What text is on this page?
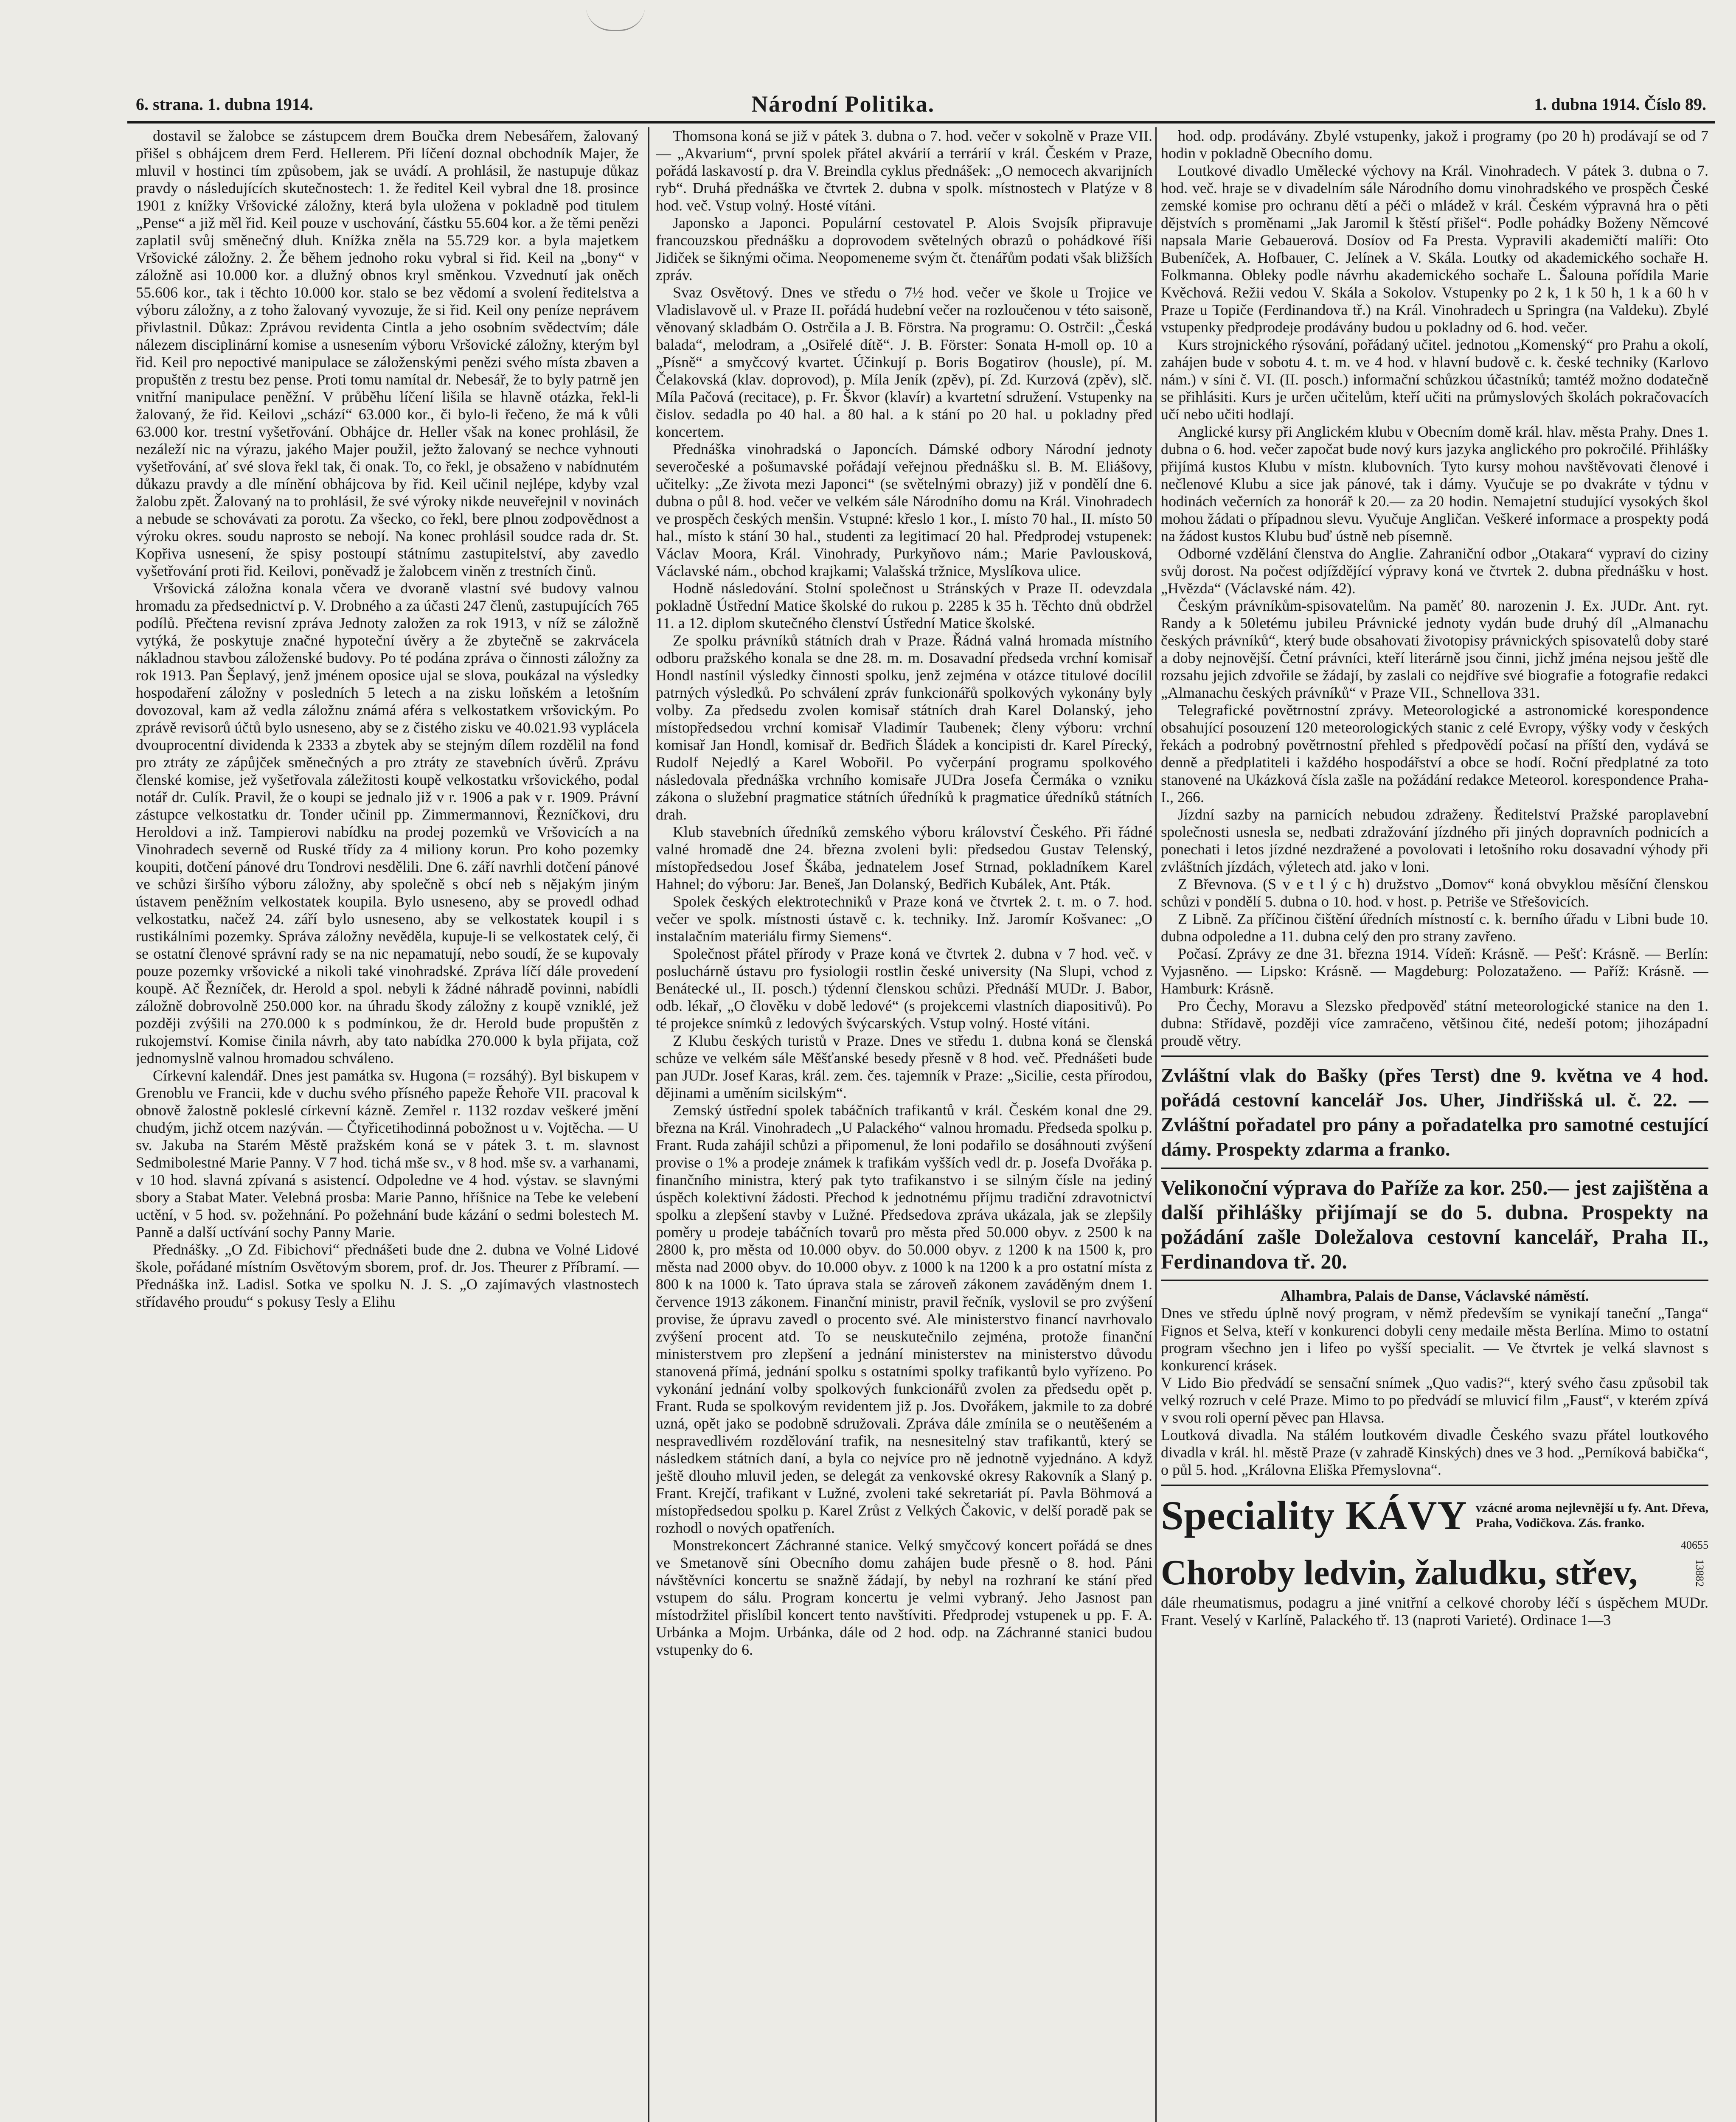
6. strana. 1. dubna 1914.	Národní Politika.	1. dubna 1914. Číslo 89.

dostavil se žalobce se zástupcem drem Boučka drem Nebesářem, žalovaný přišel s obhájcem drem Ferd. Hellerem. Při líčení doznal obchodník Majer, že mluvil v hostinci tím způsobem, jak se uvádí. A prohlásil, že nastupuje důkaz pravdy o následujících skutečnostech: 1. že ředitel Keil vybral dne 18. prosince 1901 z knížky Vršovické záložny, která byla uložena v pokladně pod titulem „Pense“ a již měl řid. Keil pouze v uschování, částku 55.604 kor. a že těmi penězi zaplatil svůj směnečný dluh. Knížka zněla na 55.729 kor. a byla majetkem Vršovické záložny. 2. Že během jednoho roku vybral si řid. Keil na „bony“ v záložně asi 10.000 kor. a dlužný obnos kryl směnkou. Vzvednutí jak oněch 55.606 kor., tak i těchto 10.000 kor. stalo se bez vědomí a svolení ředitelstva a výboru záložny, a z toho žalovaný vyvozuje, že si řid. Keil ony peníze neprávem přivlastnil. Důkaz: Zprávou revidenta Cintla a jeho osobním svědectvím; dále nálezem disciplinární komise a usnesením výboru Vršovické záložny, kterým byl řid. Keil pro nepoctivé manipulace se záloženskými penězi svého místa zbaven a propuštěn z trestu bez pense. Proti tomu namítal dr. Nebesář, že to byly patrně jen vnitřní manipulace peněžní. V průběhu líčení lišila se hlavně otázka, řekl-li žalovaný, že řid. Keilovi „schází“ 63.000 kor., či bylo-li řečeno, že má k vůli 63.000 kor. trestní vyšetřování. Obhájce dr. Heller však na konec prohlásil, že nezáleží nic na výrazu, jakého Majer použil, ježto žalovaný se nechce vyhnouti vyšetřování, ať své slova řekl tak, či onak. To, co řekl, je obsaženo v nabídnutém důkazu pravdy a dle mínění obhájcova by řid. Keil učinil nejlépe, kdyby vzal žalobu zpět. Žalovaný na to prohlásil, že své výroky nikde neuveřejnil v novinách a nebude se schovávati za porotu. Za všecko, co řekl, bere plnou zodpovědnost a výroku okres. soudu naprosto se nebojí. Na konec prohlásil soudce rada dr. St. Kopřiva usnesení, že spisy postoupí státnímu zastupitelství, aby zavedlo vyšetřování proti řid. Keilovi, poněvadž je žalobcem viněn z trestních činů.

Vršovická záložna konala včera ve dvoraně vlastní své budovy valnou hromadu za předsednictví p. V. Drobného a za účasti 247 členů, zastupujících 765 podílů. Přečtena revisní zpráva Jednoty založen za rok 1913, v níž se záložně vytýká, že poskytuje značné hypoteční úvěry a že zbytečně se zakrvácela nákladnou stavbou záloženské budovy. Po té podána zpráva o činnosti záložny za rok 1913. Pan Šeplavý, jenž jménem oposice ujal se slova, poukázal na výsledky hospodaření záložny v posledních 5 letech a na zisku loňském a letošním dovozoval, kam až vedla záložnu známá aféra s velkostatkem vršovickým. Po zprávě revisorů účtů bylo usneseno, aby se z čistého zisku ve 40.021.93 vyplácela dvouprocentní dividenda k 2333 a zbytek aby se stejným dílem rozdělil na fond pro ztráty ze zápůjček směnečných a pro ztráty ze stavebních úvěrů. Zprávu členské komise, jež vyšetřovala záležitosti koupě velkostatku vršovického, podal notář dr. Culík. Pravil, že o koupi se jednalo již v r. 1906 a pak v r. 1909. Právní zástupce velkostatku dr. Tonder učinil pp. Zimmermannovi, Řezníčkovi, dru Heroldovi a inž. Tampierovi nabídku na prodej pozemků ve Vršovicích a na Vinohradech severně od Ruské třídy za 4 miliony korun. Pro koho pozemky koupiti, dotčení pánové dru Tondrovi nesdělili. Dne 6. září navrhli dotčení pánové ve schůzi širšího výboru záložny, aby společně s obcí neb s nějakým jiným ústavem peněžním velkostatek koupila. Bylo usneseno, aby se provedl odhad velkostatku, načež 24. září bylo usneseno, aby se velkostatek koupil i s rustikálními pozemky. Správa záložny nevěděla, kupuje-li se velkostatek celý, či se ostatní členové správní rady se na nic nepamatují, nebo soudí, že se kupovaly pouze pozemky vršovické a nikoli také vinohradské. Zpráva líčí dále provedení koupě. Ač Řezníček, dr. Herold a spol. nebyli k žádné náhradě povinni, nabídli záložně dobrovolně 250.000 kor. na úhradu škody záložny z koupě vzniklé, jež později zvýšili na 270.000 k s podmínkou, že dr. Herold bude propuštěn z rukojemství. Komise činila návrh, aby tato nabídka 270.000 k byla přijata, což jednomyslně valnou hromadou schváleno.

Církevní kalendář. Dnes jest památka sv. Hugona (= rozsáhý). Byl biskupem v Grenoblu ve Francii, kde v duchu svého přísného papeže Řehoře VII. pracoval k obnově žalostně pokleslé církevní kázně. Zemřel r. 1132 rozdav veškeré jmění chudým, jichž otcem nazýván. — Čtyřicetihodinná pobožnost u v. Vojtěcha. — U sv. Jakuba na Starém Městě pražském koná se v pátek 3. t. m. slavnost Sedmibolestné Marie Panny. V 7 hod. tichá mše sv., v 8 hod. mše sv. a varhanami, v 10 hod. slavná zpívaná s asistencí. Odpoledne ve 4 hod. výstav. se slavnými sbory a Stabat Mater. Velebná prosba: Marie Panno, hříšnice na Tebe ke velebení uctění, v 5 hod. sv. požehnání. Po požehnání bude kázání o sedmi bolestech M. Panně a další uctívání sochy Panny Marie.

Přednášky. „O Zd. Fibichovi“ přednášeti bude dne 2. dubna ve Volné Lidové škole, pořádané místním Osvětovým sborem, prof. dr. Jos. Theurer z Příbramí. — Přednáška inž. Ladisl. Sotka ve spolku N. J. S. „O zajímavých vlastnostech střídavého proudu“ s pokusy Tesly a Elihu

Thomsona koná se již v pátek 3. dubna o 7. hod. večer v sokolně v Praze VII. — „Akvarium“, první spolek přátel akvárií a terrárií v král. Českém v Praze, pořádá laskavostí p. dra V. Breindla cyklus přednášek: „O nemocech akvarijních ryb“. Druhá přednáška ve čtvrtek 2. dubna v spolk. místnostech v Platýze v 8 hod. več. Vstup volný. Hosté vítáni.

Japonsko a Japonci. Populární cestovatel P. Alois Svojsík připravuje francouzskou přednášku a doprovodem světelných obrazů o pohádkové říši Jidiček se šiknými očima. Neopomeneme svým čt. čtenářům podati však bližších zpráv.

Svaz Osvětový. Dnes ve středu o 7½ hod. večer ve škole u Trojice ve Vladislavově ul. v Praze II. pořádá hudební večer na rozloučenou v této saisoně, věnovaný skladbám O. Ostrčila a J. B. Förstra. Na programu: O. Ostrčil: „Česká balada“, melodram, a „Osiřelé dítě“. J. B. Förster: Sonata H-moll op. 10 a „Písně“ a smyčcový kvartet. Účinkují p. Boris Bogatirov (housle), pí. M. Čelakovská (klav. doprovod), p. Míla Jeník (zpěv), pí. Zd. Kurzová (zpěv), slč. Míla Pačová (recitace), p. Fr. Škvor (klavír) a kvartetní sdružení. Vstupenky na čislov. sedadla po 40 hal. a 80 hal. a k stání po 20 hal. u pokladny před koncertem.

Přednáška vinohradská o Japoncích. Dámské odbory Národní jednoty severočeské a pošumavské pořádají veřejnou přednášku sl. B. M. Eliášovy, učitelky: „Ze života mezi Japonci“ (se světelnými obrazy) již v pondělí dne 6. dubna o půl 8. hod. večer ve velkém sále Národního domu na Král. Vinohradech ve prospěch českých menšin. Vstupné: křeslo 1 kor., I. místo 70 hal., II. místo 50 hal., místo k stání 30 hal., studenti za legitimací 20 hal. Předprodej vstupenek: Václav Moora, Král. Vinohrady, Purkyňovo nám.; Marie Pavlousková, Václavské nám., obchod krajkami; Valašská tržnice, Myslíkova ulice.

Hodně následování. Stolní společnost u Stránských v Praze II. odevzdala pokladně Ústřední Matice školské do rukou p. 2285 k 35 h. Těchto dnů obdržel 11. a 12. diplom skutečného členství Ústřední Matice školské.

Ze spolku právníků státních drah v Praze. Řádná valná hromada místního odboru pražského konala se dne 28. m. m. Dosavadní předseda vrchní komisař Hondl nastínil výsledky činnosti spolku, jenž zejména v otázce titulové docílil patrných výsledků. Po schválení zpráv funkcionářů spolkových vykonány byly volby. Za předsedu zvolen komisař státních drah Karel Dolanský, jeho místopředsedou vrchní komisař Vladimír Taubenek; členy výboru: vrchní komisař Jan Hondl, komisař dr. Bedřich Šládek a koncipisti dr. Karel Pírecký, Rudolf Nejedlý a Karel Wobořil. Po vyčerpání programu spolkového následovala přednáška vrchního komisaře JUDra Josefa Čermáka o vzniku zákona o služební pragmatice státních úředníků k pragmatice úředníků státních drah.

Klub stavebních úředníků zemského výboru království Českého. Při řádné valné hromadě dne 24. března zvoleni byli: předsedou Gustav Telenský, místopředsedou Josef Škába, jednatelem Josef Strnad, pokladníkem Karel Hahnel; do výboru: Jar. Beneš, Jan Dolanský, Bedřich Kubálek, Ant. Pták.

Spolek českých elektrotechniků v Praze koná ve čtvrtek 2. t. m. o 7. hod. večer ve spolk. místnosti ústavě c. k. techniky. Inž. Jaromír Košvanec: „O instalačním materiálu firmy Siemens“.

Společnost přátel přírody v Praze koná ve čtvrtek 2. dubna v 7 hod. več. v posluchárně ústavu pro fysiologii rostlin české university (Na Slupi, vchod z Benátecké ul., II. posch.) týdenní členskou schůzi. Přednáší MUDr. J. Babor, odb. lékař, „O člověku v době ledové“ (s projekcemi vlastních diapositivů). Po té projekce snímků z ledových švýcarských. Vstup volný. Hosté vítáni.

Z Klubu českých turistů v Praze. Dnes ve středu 1. dubna koná se členská schůze ve velkém sále Měšťanské besedy přesně v 8 hod. več. Přednášeti bude pan JUDr. Josef Karas, král. zem. čes. tajemník v Praze: „Sicilie, cesta přírodou, dějinami a uměním sicilským“.

Zemský ústřední spolek tabáčních trafikantů v král. Českém konal dne 29. března na Král. Vinohradech „U Palackého“ valnou hromadu. Předseda spolku p. Frant. Ruda zahájil schůzi a připomenul, že loni podařilo se dosáhnouti zvýšení provise o 1% a prodeje známek k trafikám vyšších vedl dr. p. Josefa Dvořáka p. finančního ministra, který pak tyto trafikanstvo i se silným čísle na jediný úspěch kolektivní žádosti. Přechod k jednotnému příjmu tradiční zdravotnictví spolku a zlepšení stavby v Lužné. Předsedova zpráva ukázala, jak se zlepšily poměry u prodeje tabáčních tovarů pro města před 50.000 obyv. z 2500 k na 2800 k, pro města od 10.000 obyv. do 50.000 obyv. z 1200 k na 1500 k, pro města nad 2000 obyv. do 10.000 obyv. z 1000 k na 1200 k a pro ostatní místa z 800 k na 1000 k. Tato úprava stala se zároveň zákonem zaváděným dnem 1. července 1913 zákonem. Finanční ministr, pravil řečník, vyslovil se pro zvýšení provise, že úpravu zavedl o procento své. Ale ministerstvo financí navrhovalo zvýšení procent atd. To se neuskutečnilo zejména, protože finanční ministerstvem pro zlepšení a jednání ministerstev na ministerstvo důvodu stanovená přímá, jednání spolku s ostatními spolky trafikantů bylo vyřízeno. Po vykonání jednání volby spolkových funkcionářů zvolen za předsedu opět p. Frant. Ruda se spolkovým revidentem již p. Jos. Dvořákem, jakmile to za dobré uzná, opět jako se podobně sdružovali. Zpráva dále zmínila se o neutěšeném a nespravedlivém rozdělování trafik, na nesnesitelný stav trafikantů, který se následkem státních daní, a byla co nejvíce pro ně jednotně vyjednáno. A když ještě dlouho mluvil jeden, se delegát za venkovské okresy Rakovník a Slaný p. Frant. Krejčí, trafikant v Lužné, zvoleni také sekretariát pí. Pavla Böhmová a místopředsedou spolku p. Karel Zrůst z Velkých Čakovic, v delší poradě pak se rozhodl o nových opatřeních.

Monstrekoncert Záchranné stanice. Velký smyčcový koncert pořádá se dnes ve Smetanově síni Obecního domu zahájen bude přesně o 8. hod. Páni návštěvníci koncertu se snažně žádají, by nebyl na rozhraní ke stání před vstupem do sálu. Program koncertu je velmi vybraný. Jeho Jasnost pan místodržitel přislíbil koncert tento navštíviti. Předprodej vstupenek u pp. F. A. Urbánka a Mojm. Urbánka, dále od 2 hod. odp. na Záchranné stanici budou vstupenky do 6.

hod. odp. prodávány. Zbylé vstupenky, jakož i programy (po 20 h) prodávají se od 7 hodin v pokladně Obecního domu.

Loutkové divadlo Umělecké výchovy na Král. Vinohradech. V pátek 3. dubna o 7. hod. več. hraje se v divadelním sále Národního domu vinohradského ve prospěch České zemské komise pro ochranu dětí a péči o mládež v král. Českém výpravná hra o pěti dějstvích s proměnami „Jak Jaromil k štěstí přišel“. Podle pohádky Boženy Němcové napsala Marie Gebauerová. Dosíov od Fa Presta. Vypravili akademičtí malíři: Oto Bubeníček, A. Hofbauer, C. Jelínek a V. Skála. Loutky od akademického sochaře H. Folkmanna. Obleky podle návrhu akademického sochaře L. Šalouna pořídila Marie Kvěchová. Režii vedou V. Skála a Sokolov. Vstupenky po 2 k, 1 k 50 h, 1 k a 60 h v Praze u Topiče (Ferdinandova tř.) na Král. Vinohradech u Springra (na Valdeku). Zbylé vstupenky předprodeje prodávány budou u pokladny od 6. hod. večer.

Kurs strojnického rýsování, pořádaný učitel. jednotou „Komenský“ pro Prahu a okolí, zahájen bude v sobotu 4. t. m. ve 4 hod. v hlavní budově c. k. české techniky (Karlovo nám.) v síni č. VI. (II. posch.) informační schůzkou účastníků; tamtéž možno dodatečně se přihlásiti. Kurs je určen učitelům, kteří učiti na průmyslových školách pokračovacích učí nebo učiti hodlají.

Anglické kursy při Anglickém klubu v Obecním domě král. hlav. města Prahy. Dnes 1. dubna o 6. hod. večer započat bude nový kurs jazyka anglického pro pokročilé. Přihlášky přijímá kustos Klubu v místn. klubovních. Tyto kursy mohou navštěvovati členové i nečlenové Klubu a sice jak pánové, tak i dámy. Vyučuje se po dvakráte v týdnu v hodinách večerních za honorář k 20.— za 20 hodin. Nemajetní studující vysokých škol mohou žádati o případnou slevu. Vyučuje Angličan. Veškeré informace a prospekty podá na žádost kustos Klubu buď ústně neb písemně.

Odborné vzdělání členstva do Anglie. Zahraniční odbor „Otakara“ vypraví do ciziny svůj dorost. Na počest odjíždějící výpravy koná ve čtvrtek 2. dubna přednášku v host. „Hvězda“ (Václavské nám. 42).

Českým právníkům-spisovatelům. Na paměť 80. narozenin J. Ex. JUDr. Ant. ryt. Randy a k 50letému jubileu Právnické jednoty vydán bude druhý díl „Almanachu českých právníků“, který bude obsahovati životopisy právnických spisovatelů doby staré a doby nejnovější. Četní právníci, kteří literárně jsou činni, jichž jména nejsou ještě dle rozsahu jejich zdvořile se žádají, by zaslali co nejdříve své biografie a fotografie redakci „Almanachu českých právníků“ v Praze VII., Schnellova 331.

Telegrafické povětrnostní zprávy. Meteorologické a astronomické korespondence obsahující posouzení 120 meteorologických stanic z celé Evropy, výšky vody v českých řekách a podrobný povětrnostní přehled s předpovědí počasí na příští den, vydává se denně a předplatiteli i každého hospodářství a obce se hodí. Roční předplatné za toto stanovené na Ukázková čísla zašle na požádání redakce Meteorol. korespondence Praha-I., 266.

Jízdní sazby na parnicích nebudou zdraženy. Ředitelství Pražské paroplavební společnosti usnesla se, nedbati zdražování jízdného při jiných dopravních podnicích a ponechati i letos jízdné nezdražené a povolovati i letošního roku dosavadní výhody při zvláštních jízdách, výletech atd. jako v loni.

Z Břevnova. (S v e t l ý c h) družstvo „Domov“ koná obvyklou měsíční členskou schůzi v pondělí 5. dubna o 10. hod. v host. p. Petriše ve Střešovicích.

Z Libně. Za příčinou čištění úředních místností c. k. berního úřadu v Libni bude 10. dubna odpoledne a 11. dubna celý den pro strany zavřeno.

Počasí. Zprávy ze dne 31. března 1914. Vídeň: Krásně. — Pešť: Krásně. — Berlín: Vyjasněno. — Lipsko: Krásně. — Magdeburg: Polozataženo. — Paříž: Krásně. — Hamburk: Krásně.

Pro Čechy, Moravu a Slezsko předpověď státní meteorologické stanice na den 1. dubna: Střídavě, později více zamračeno, většinou čité, nedeší potom; jihozápadní proudě větry.

Zvláštní vlak do Bašky (přes Terst) dne 9. května ve 4 hod. pořádá cestovní kancelář Jos. Uher, Jindřišská ul. č. 22. — Zvláštní pořadatel pro pány a pořadatelka pro samotné cestující dámy. Prospekty zdarma a franko.

Velikonoční výprava do Paříže za kor. 250.— jest zajištěna a další přihlášky přijímají se do 5. dubna. Prospekty na požádání zašle Doležalova cestovní kancelář, Praha II., Ferdinandova tř. 20.

Alhambra, Palais de Danse, Václavské náměstí.

Dnes ve středu úplně nový program, v němž především se vynikají taneční „Tanga“ Fignos et Selva, kteří v konkurenci dobyli ceny medaile města Berlína. Mimo to ostatní program všechno jen i lifeo po vyšší specialit. — Ve čtvrtek je velká slavnost s konkurencí krásek.

V Lido Bio předvádí se sensační snímek „Quo vadis?“, který svého času způsobil tak velký rozruch v celé Praze. Mimo to po předvádí se mluvicí film „Faust“, v kterém zpívá v svou roli operní pěvec pan Hlavsa.

Loutková divadla. Na stálém loutkovém divadle Českého svazu přátel loutkového divadla v král. hl. městě Praze (v zahradě Kinských) dnes ve 3 hod. „Perníková babička“, o půl 5. hod. „Královna Eliška Přemyslovna“.

Speciality KÁVY vzácné aroma nejlevnější u fy. Ant. Dřeva, Praha, Vodičkova. Zás. franko.

40655

Choroby ledvin, žaludku, střev,	13882

dále rheumatismus, podagru a jiné vnitřní a celkové choroby léčí s úspěchem MUDr. Frant. Veselý v Karlíně, Palackého tř. 13 (naproti Varieté). Ordinace 1—3
